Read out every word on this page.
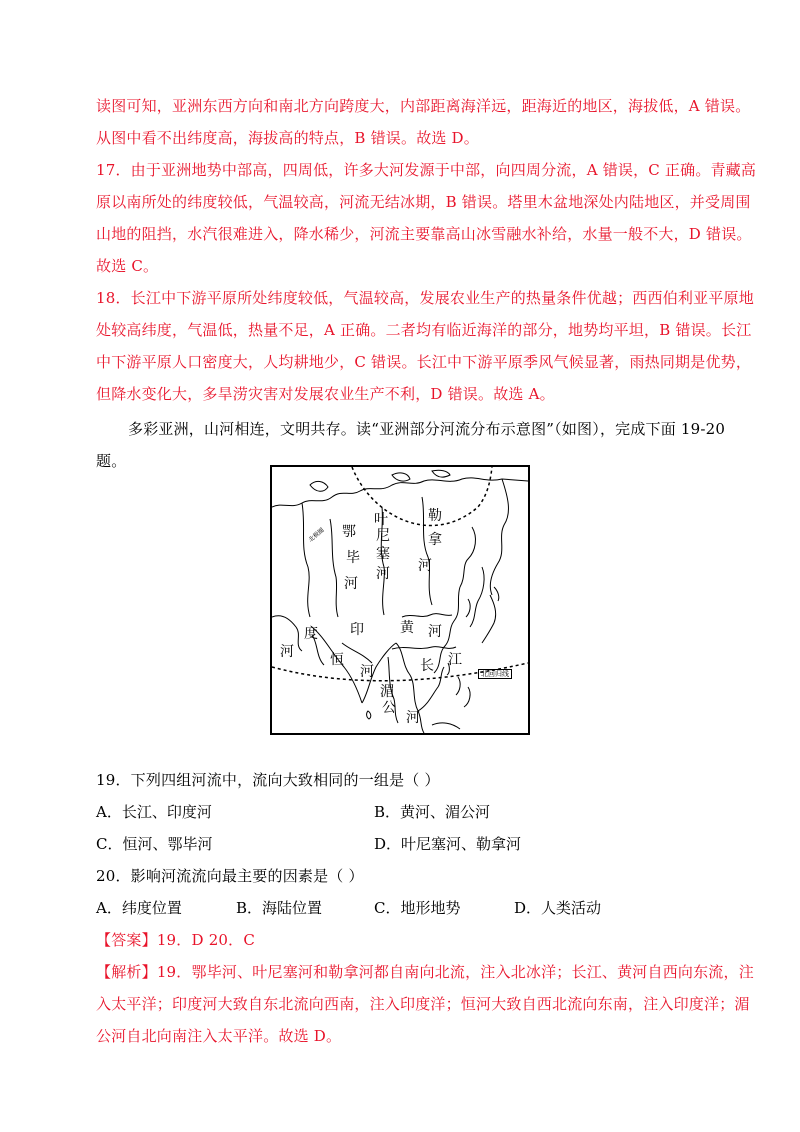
读图可知，亚洲东西方向和南北方向跨度大，内部距离海洋远，距海近的地区，海拔低，A 错误。
从图中看不出纬度高，海拔高的特点，B 错误。故选 D。
17．由于亚洲地势中部高，四周低，许多大河发源于中部，向四周分流，A 错误，C 正确。青藏高
原以南所处的纬度较低，气温较高，河流无结冰期，B 错误。塔里木盆地深处内陆地区，并受周围
山地的阻挡，水汽很难进入，降水稀少，河流主要靠高山冰雪融水补给，水量一般不大，D 错误。
故选 C。
18．长江中下游平原所处纬度较低，气温较高，发展农业生产的热量条件优越；西西伯利亚平原地
处较高纬度，气温低，热量不足，A 正确。二者均有临近海洋的部分，地势均平坦，B 错误。长江
中下游平原人口密度大，人均耕地少，C 错误。长江中下游平原季风气候显著，雨热同期是优势，
但降水变化大，多旱涝灾害对发展农业生产不利，D 错误。故选 A。
多彩亚洲，山河相连，文明共存。读“亚洲部分河流分布示意图”（如图），完成下面 19-20
题。
叶
尼
塞
河
勒
拿
河
鄂
毕
河
黄 河
长 江
印
度
河	恒
河
湄
公
河
北极圈
北回归线
19．下列四组河流中，流向大致相同的一组是（ ）
A．长江、印度河	B．黄河、湄公河
C．恒河、鄂毕河	D．叶尼塞河、勒拿河
20．影响河流流向最主要的因素是（ ）
A．纬度位置	B．海陆位置	C．地形地势	D．人类活动
【答案】19．D 20．C
【解析】19．鄂毕河、叶尼塞河和勒拿河都自南向北流，注入北冰洋；长江、黄河自西向东流，注
入太平洋；印度河大致自东北流向西南，注入印度洋；恒河大致自西北流向东南，注入印度洋；湄
公河自北向南注入太平洋。故选 D。
